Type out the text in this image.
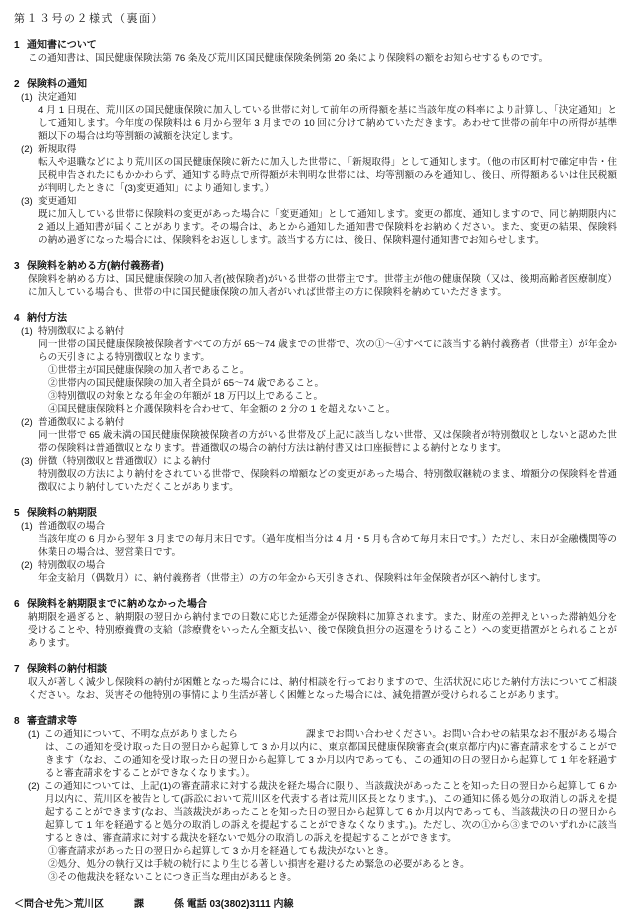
第１３号の２様式（裏面）
1 通知書について

この通知書は、国民健康保険法第 76 条及び荒川区国民健康保険条例第 20 条により保険料の額をお知らせするものです。

2 保険料の通知
(1) 決定通知

4 月 1 日現在、荒川区の国民健康保険に加入している世帯に対して前年の所得額を基に当該年度の料率により計算し、「決定通知」として通知します。今年度の保険料は 6 月から翌年 3 月までの 10 回に分けて納めていただきます。あわせて世帯の前年中の所得が基準額以下の場合は均等割額の減額を決定します。

(2) 新規取得

転入や退職などにより荒川区の国民健康保険に新たに加入した世帯に、「新規取得」として通知します。（他の市区町村で確定申告・住民税申告されたにもかかわらず、通知する時点で所得額が未判明な世帯には、均等割額のみを通知し、後日、所得額あるいは住民税額が判明したときに「(3)変更通知」により通知します。）

(3) 変更通知

既に加入している世帯に保険料の変更があった場合に「変更通知」として通知します。変更の都度、通知しますので、同じ納期限内に 2 通以上通知書が届くことがあります。その場合は、あとから通知した通知書で保険料をお納めください。また、変更の結果、保険料の納め過ぎになった場合には、保険料をお返しします。該当する方には、後日、保険料還付通知書でお知らせします。

3 保険料を納める方(納付義務者)

保険料を納める方は、国民健康保険の加入者(被保険者)がいる世帯の世帯主です。世帯主が他の健康保険（又は、後期高齢者医療制度）に加入している場合も、世帯の中に国民健康保険の加入者がいれば世帯主の方に保険料を納めていただきます。

4 納付方法
(1) 特別徴収による納付

同一世帯の国民健康保険被保険者すべての方が 65～74 歳までの世帯で、次の①～④すべてに該当する納付義務者（世帯主）が年金からの天引きによる特別徴収となります。

①世帯主が国民健康保険の加入者であること。
②世帯内の国民健康保険の加入者全員が 65～74 歳であること。
③特別徴収の対象となる年金の年額が 18 万円以上であること。
④国民健康保険料と介護保険料を合わせて、年金額の 2 分の 1 を超えないこと。
(2) 普通徴収による納付

同一世帯で 65 歳未満の国民健康保険被保険者の方がいる世帯及び上記に該当しない世帯、又は保険者が特別徴収としないと認めた世帯の保険料は普通徴収となります。普通徴収の場合の納付方法は納付書又は口座振替による納付となります。

(3) 併徴（特別徴収と普通徴収）による納付

特別徴収の方法により納付をされている世帯で、保険料の増額などの変更があった場合、特別徴収継続のまま、増額分の保険料を普通徴収により納付していただくことがあります。

5 保険料の納期限
(1) 普通徴収の場合

当該年度の 6 月から翌年 3 月までの毎月末日です。（過年度相当分は 4 月・5 月も含めて毎月末日です。）ただし、末日が金融機関等の休業日の場合は、翌営業日です。

(2) 特別徴収の場合

年金支給月（偶数月）に、納付義務者（世帯主）の方の年金から天引きされ、保険料は年金保険者が区へ納付します。

6 保険料を納期限までに納めなかった場合

納期限を過ぎると、納期限の翌日から納付までの日数に応じた延滞金が保険料に加算されます。また、財産の差押えといった滞納処分を受けることや、特別療養費の支給（診療費をいったん全額支払い、後で保険負担分の返還をうけること）への変更措置がとられることがあります。

7 保険料の納付相談

収入が著しく減少し保険料の納付が困難となった場合には、納付相談を行っておりますので、生活状況に応じた納付方法についてご相談ください。なお、災害その他特別の事情により生活が著しく困難となった場合には、減免措置が受けられることがあります。

8 審査請求等
(1) この通知について、不明な点がありましたら　　　　　　　課までお問い合わせください。お問い合わせの結果なお不服がある場合は、この通知を受け取った日の翌日から起算して 3 か月以内に、東京都国民健康保険審査会(東京都庁内)に審査請求をすることができます（なお、この通知を受け取った日の翌日から起算して 3 か月以内であっても、この通知の日の翌日から起算して 1 年を経過すると審査請求をすることができなくなります。）。
(2) この通知については、上記(1)の審査請求に対する裁決を経た場合に限り、当該裁決があったことを知った日の翌日から起算して 6 か月以内に、荒川区を被告として(訴訟において荒川区を代表する者は荒川区長となります。)、この通知に係る処分の取消しの訴えを提起することができます(なお、当該裁決があったことを知った日の翌日から起算して 6 か月以内であっても、当該裁決の日の翌日から起算して 1 年を経過すると処分の取消しの訴えを提起することができなくなります。)。ただし、次の①から③までのいずれかに該当するときは、審査請求に対する裁決を経ないで処分の取消しの訴えを提起することができます。
①審査請求があった日の翌日から起算して 3 か月を経過しても裁決がないとき。
②処分、処分の執行又は手続の続行により生じる著しい損害を避けるため緊急の必要があるとき。
③その他裁決を経ないことにつき正当な理由があるとき。
＜問合せ先＞荒川区　　　課　　　係 電話 03(3802)3111 内線
